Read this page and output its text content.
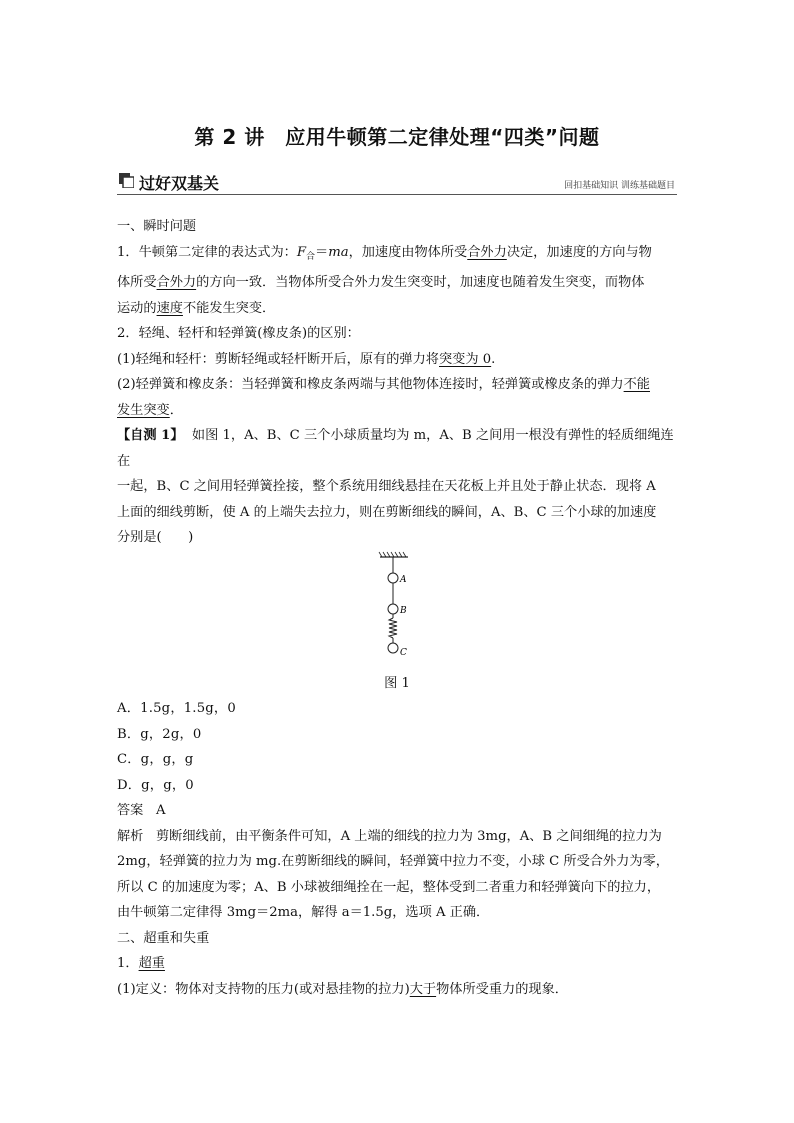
第 2 讲　应用牛顿第二定律处理“四类”问题
过好双基关	回扣基础知识 训练基础题目

一、瞬时问题

1．牛顿第二定律的表达式为：$F_合=ma$，加速度由物体所受合外力决定，加速度的方向与物
体所受合外力的方向一致．当物体所受合外力发生突变时，加速度也随着发生突变，而物体
运动的速度不能发生突变．

2．轻绳、轻杆和轻弹簧(橡皮条)的区别：

(1)轻绳和轻杆：剪断轻绳或轻杆断开后，原有的弹力将突变为 0.

(2)轻弹簧和橡皮条：当轻弹簧和橡皮条两端与其他物体连接时，轻弹簧或橡皮条的弹力不能
发生突变．

【自测 1】 如图 1，A、B、C 三个小球质量均为 m，A、B 之间用一根没有弹性的轻质细绳连在
一起，B、C 之间用轻弹簧拴接，整个系统用细线悬挂在天花板上并且处于静止状态．现将 A
上面的细线剪断，使 A 的上端失去拉力，则在剪断细线的瞬间，A、B、C 三个小球的加速度
分别是(　　)

A
B
C

图 1

A．1.5g，1.5g，0

B．g，2g，0

C．g，g，g

D．g，g，0

答案 A

解析 剪断细线前，由平衡条件可知，A 上端的细线的拉力为 3mg，A、B 之间细绳的拉力为
2mg，轻弹簧的拉力为 mg.在剪断细线的瞬间，轻弹簧中拉力不变，小球 C 所受合外力为零，
所以 C 的加速度为零；A、B 小球被细绳拴在一起，整体受到二者重力和轻弹簧向下的拉力，
由牛顿第二定律得 3mg＝2ma，解得 a＝1.5g，选项 A 正确．

二、超重和失重

1．超重

(1)定义：物体对支持物的压力(或对悬挂物的拉力)大于物体所受重力的现象．
